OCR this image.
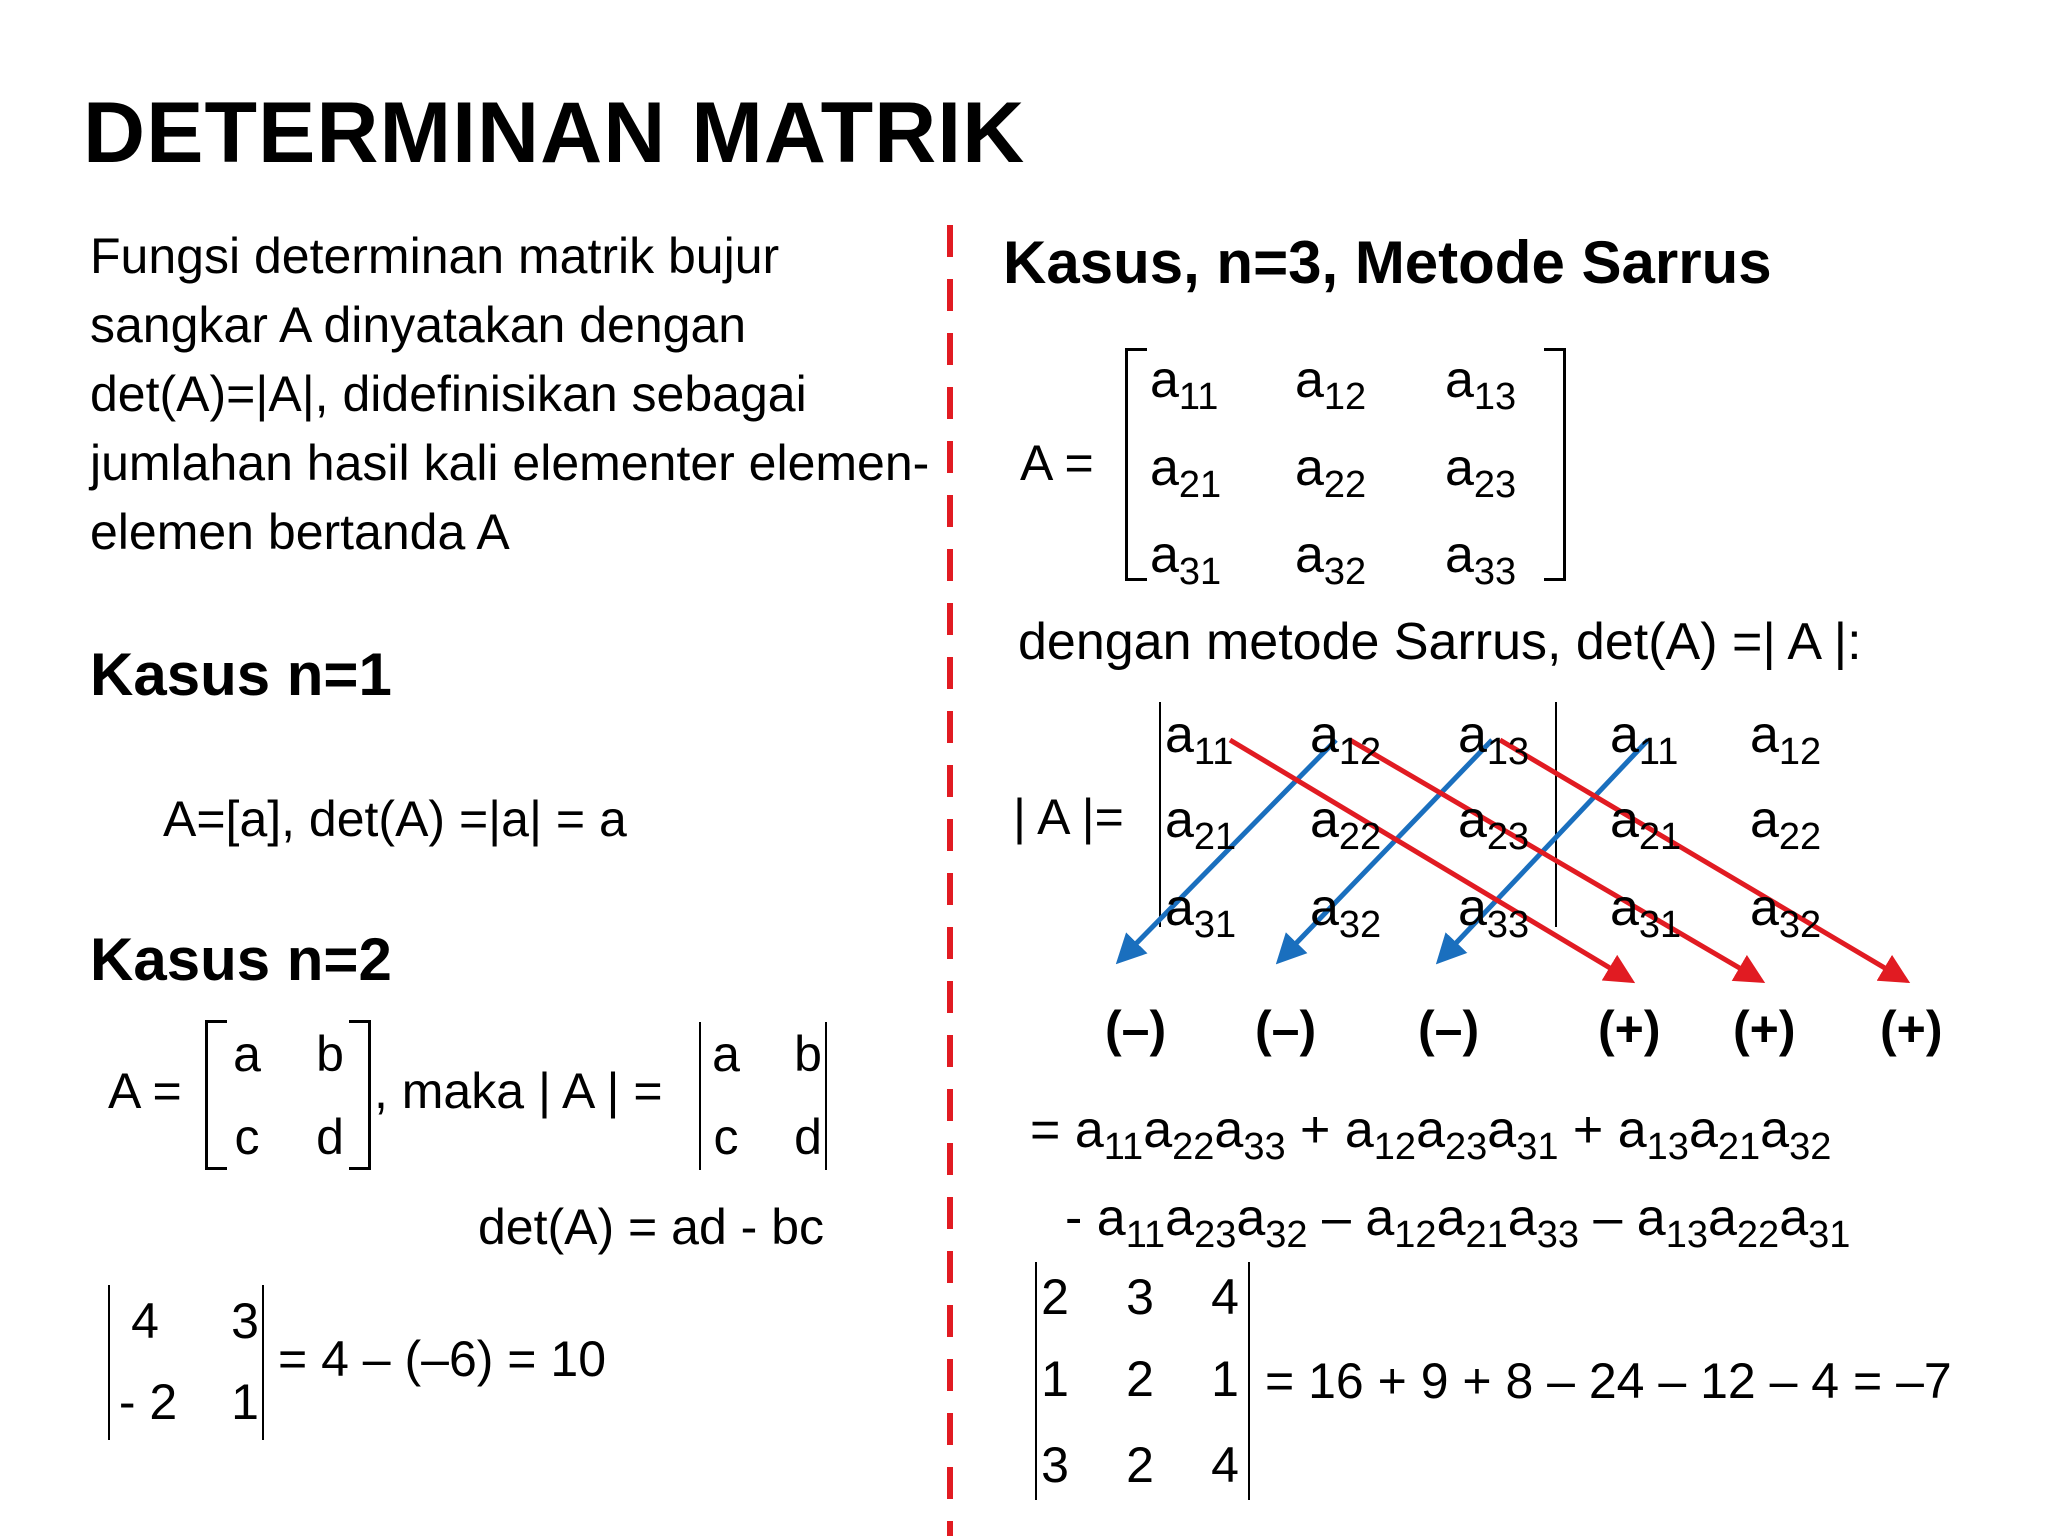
DETERMINAN MATRIK
Fungsi determinan matrik bujur sangkar A dinyatakan dengan det(A)=|A|, didefinisikan sebagai jumlahan hasil kali elementer elemen-elemen bertanda A
Kasus n=1
A=[a], det(A) =|a| = a
Kasus n=2
A =
a b
c d
, maka | A | =
a b
c d
det(A) = ad - bc
4 3
- 2 1
= 4 – (–6) = 10
Kasus, n=3, Metode Sarrus
A =
dengan metode Sarrus, det(A) =| A |:
| A |=
(–) (–) (–) (+) (+) (+)
= $a_{11}a_{22}a_{33} + a_{12}a_{23}a_{31} + a_{13}a_{21}a_{32}$
- $a_{11}a_{23}a_{32} - a_{12}a_{21}a_{33} - a_{13}a_{22}a_{31}$
2 3 4
1 2 1
3 2 4
= 16 + 9 + 8 – 24 – 12 – 4 = –7
$a_{11}$ $a_{12}$ $a_{13}$
$a_{21}$ $a_{22}$ $a_{23}$
$a_{31}$ $a_{32}$ $a_{33}$
$a_{11}$ $a_{12}$ $a_{13}$ $a_{11}$ $a_{12}$
$a_{21}$ $a_{22}$ $a_{23}$ $a_{21}$ $a_{22}$
$a_{31}$ $a_{32}$ $a_{33}$ $a_{31}$ $a_{32}$
